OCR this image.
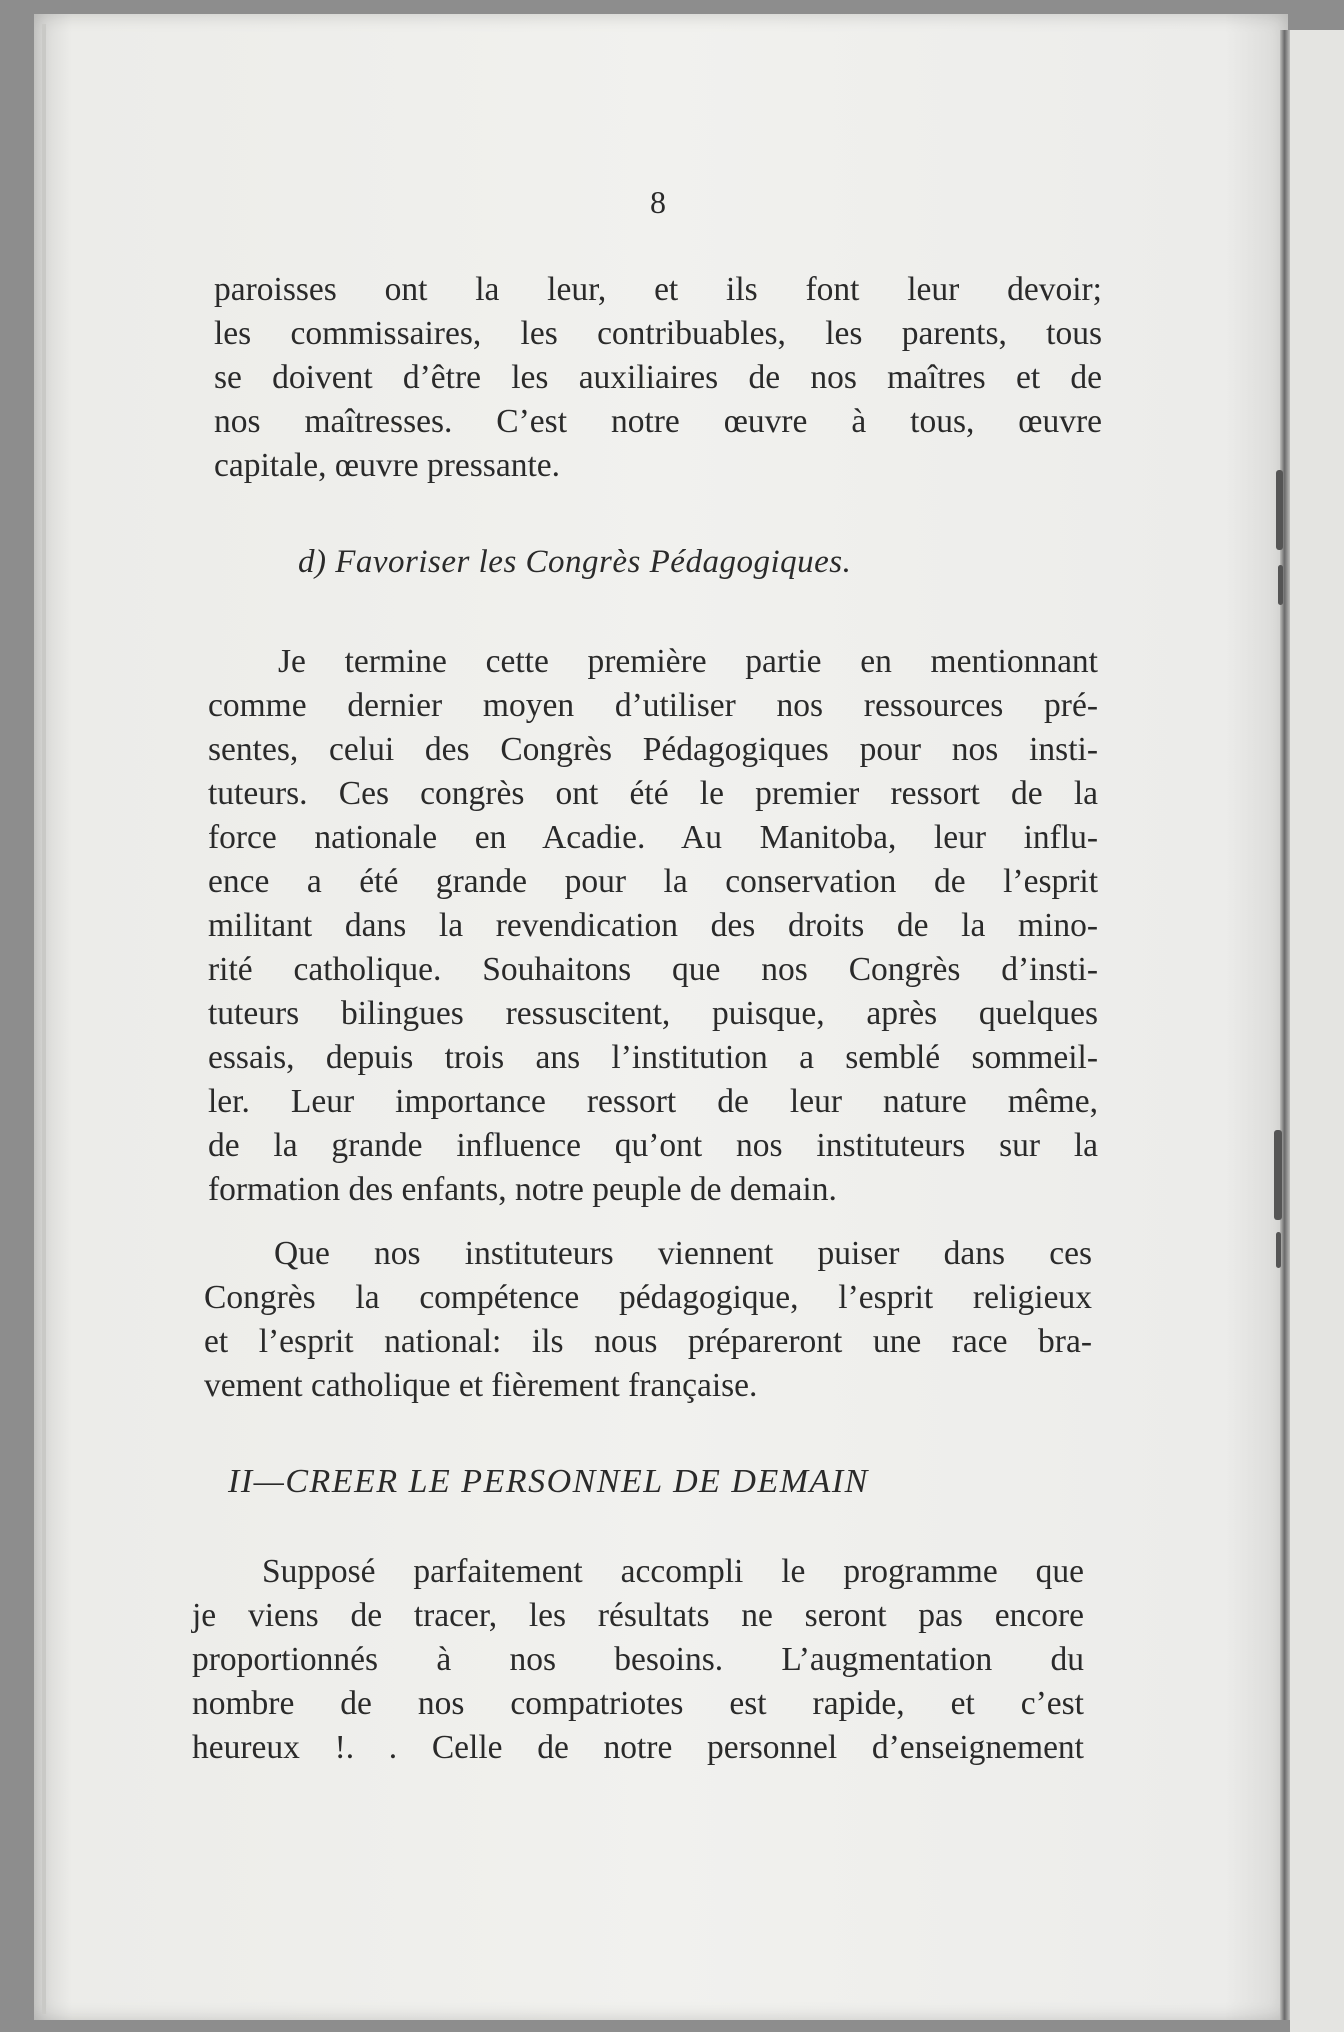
8
paroisses ont la leur, et ils font leur devoir;
les commissaires, les contribuables, les parents, tous
se doivent d’être les auxiliaires de nos maîtres et de
nos maîtresses. C’est notre œuvre à tous, œuvre
capitale, œuvre pressante.
d) Favoriser les Congrès Pédagogiques.
Je termine cette première partie en mentionnant
comme dernier moyen d’utiliser nos ressources pré-
sentes, celui des Congrès Pédagogiques pour nos insti-
tuteurs. Ces congrès ont été le premier ressort de la
force nationale en Acadie. Au Manitoba, leur influ-
ence a été grande pour la conservation de l’esprit
militant dans la revendication des droits de la mino-
rité catholique. Souhaitons que nos Congrès d’insti-
tuteurs bilingues ressuscitent, puisque, après quelques
essais, depuis trois ans l’institution a semblé sommeil-
ler. Leur importance ressort de leur nature même,
de la grande influence qu’ont nos instituteurs sur la
formation des enfants, notre peuple de demain.
Que nos instituteurs viennent puiser dans ces
Congrès la compétence pédagogique, l’esprit religieux
et l’esprit national: ils nous prépareront une race bra-
vement catholique et fièrement française.
II—CREER LE PERSONNEL DE DEMAIN
Supposé parfaitement accompli le programme que
je viens de tracer, les résultats ne seront pas encore
proportionnés à nos besoins. L’augmentation du
nombre de nos compatriotes est rapide, et c’est
heureux !. . Celle de notre personnel d’enseignement
